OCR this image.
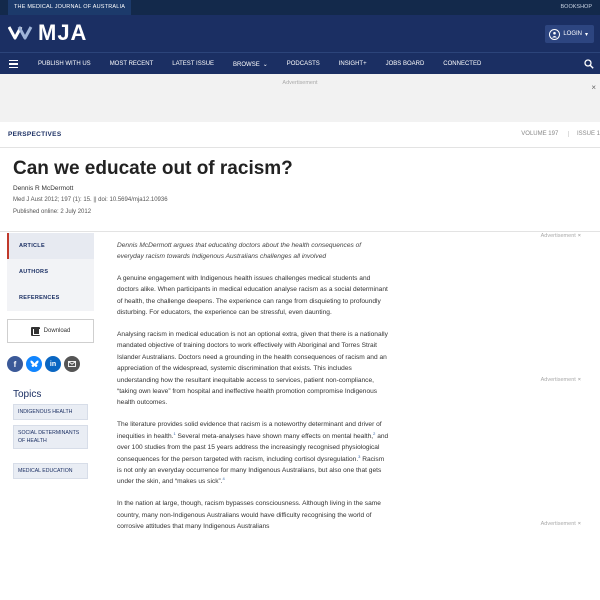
THE MEDICAL JOURNAL OF AUSTRALIA	BOOKSHOP
MJA	LOGIN ▾
PUBLISH WITH US	MOST RECENT	LATEST ISSUE	BROWSE ⌄	PODCASTS	INSIGHT+	JOBS BOARD	CONNECTED
Advertisement	×
PERSPECTIVES	VOLUME 197	ISSUE 1
Can we educate out of racism?
Dennis R McDermott
Med J Aust 2012; 197 (1): 15. || doi: 10.5694/mja12.10936
Published online: 2 July 2012
ARTICLE
AUTHORS
REFERENCES
Download
f	in
Topics
INDIGENOUS HEALTH
SOCIAL DETERMINANTS OF HEALTH
MEDICAL EDUCATION

Dennis McDermott argues that educating doctors about the health consequences of everyday racism towards Indigenous Australians challenges all involved

A genuine engagement with Indigenous health issues challenges medical students and doctors alike. When participants in medical education analyse racism as a social determinant of health, the challenge deepens. The experience can range from disquieting to profoundly disturbing. For educators, the experience can be stressful, even daunting.

Analysing racism in medical education is not an optional extra, given that there is a nationally mandated objective of training doctors to work effectively with Aboriginal and Torres Strait Islander Australians. Doctors need a grounding in the health consequences of racism and an appreciation of the widespread, systemic discrimination that exists. This includes understanding how the resultant inequitable access to services, patient non-compliance, “taking own leave” from hospital and ineffective health promotion compromise Indigenous health outcomes.

The literature provides solid evidence that racism is a noteworthy determinant and driver of inequities in health.$^1$ Several meta-analyses have shown many effects on mental health,$^2$ and over 100 studies from the past 15 years address the increasingly recognised physiological consequences for the person targeted with racism, including cortisol dysregulation.$^3$ Racism is not only an everyday occurrence for many Indigenous Australians, but also one that gets under the skin, and “makes us sick”.$^4$

In the nation at large, though, racism bypasses consciousness. Although living in the same country, many non-Indigenous Australians would have difficulty recognising the world of corrosive attitudes that many Indigenous Australians

Advertisement ×
Advertisement ×
Advertisement ×
